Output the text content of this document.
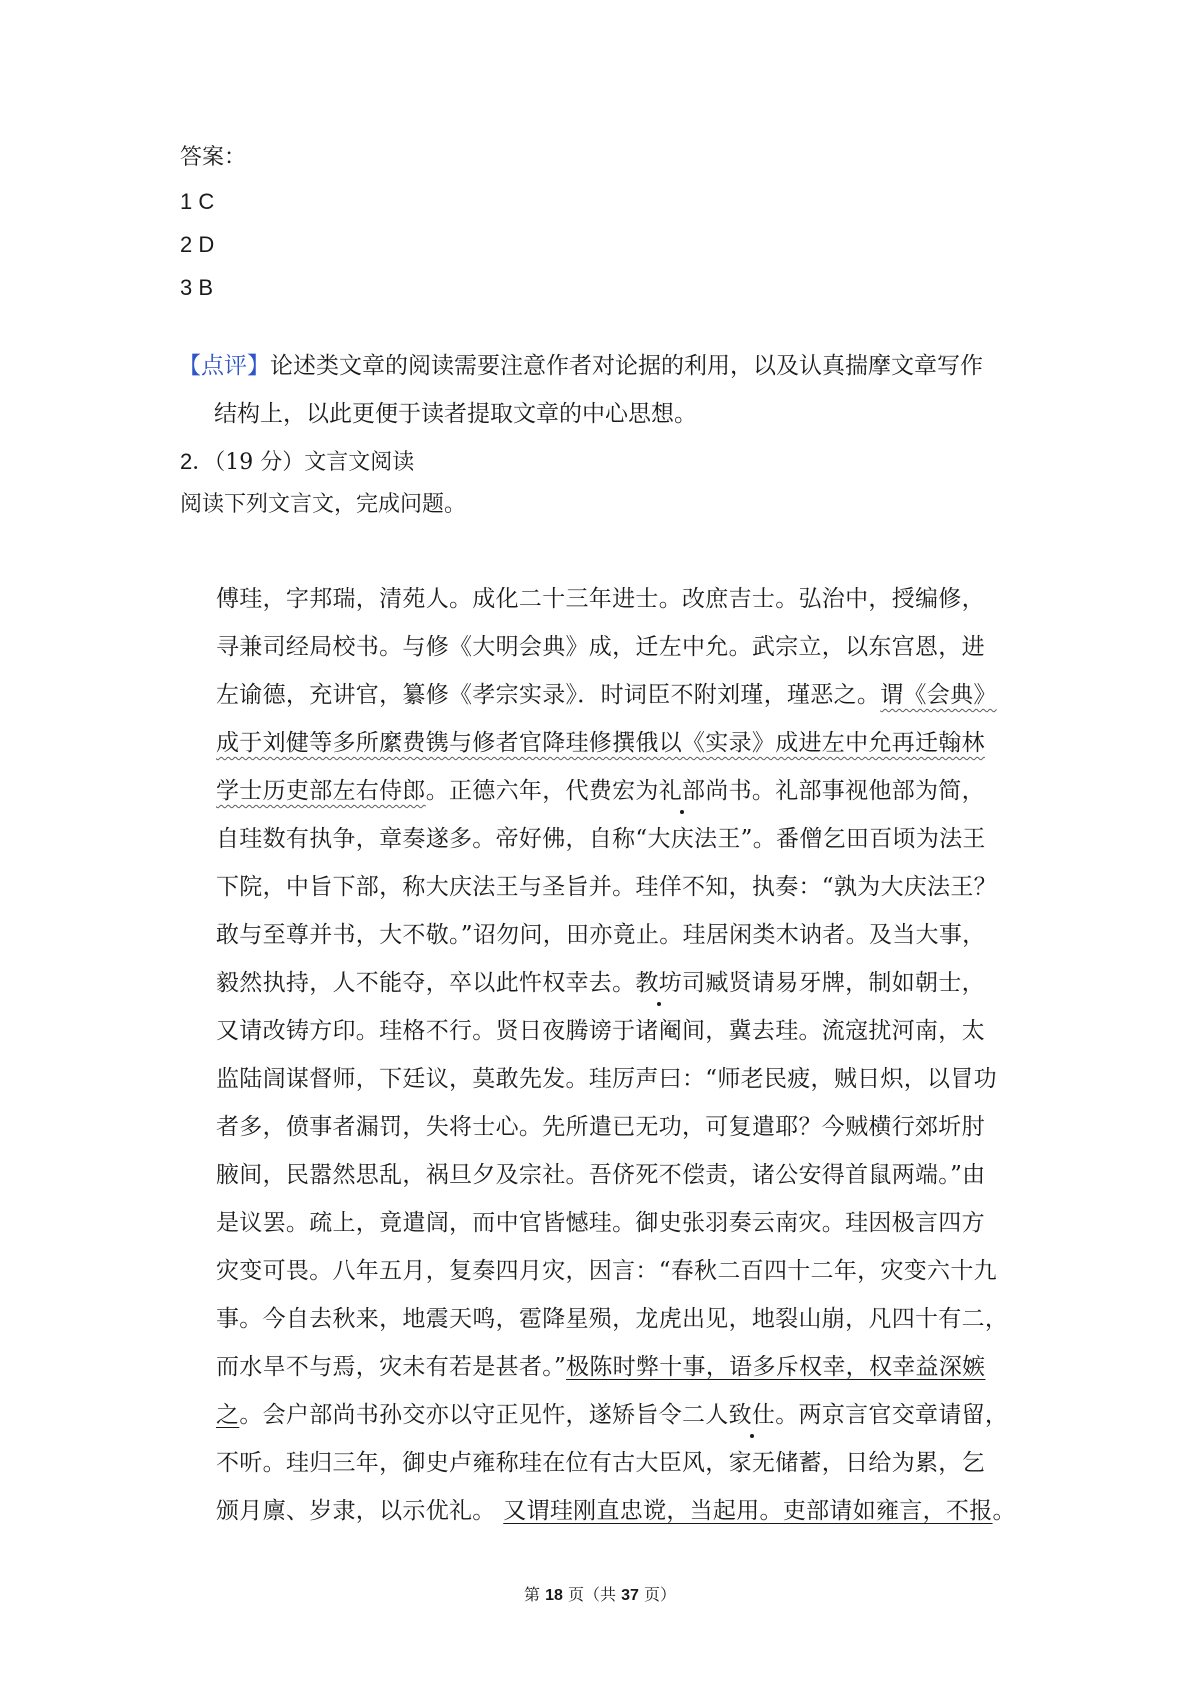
答案：
1 C
2 D
3 B
【点评】论述类文章的阅读需要注意作者对论据的利用，以及认真揣摩文章写作
结构上，以此更便于读者提取文章的中心思想。
2．（19 分）文言文阅读
阅读下列文言文，完成问题。
傅珪，字邦瑞，清苑人。成化二十三年进士。改庶吉士。弘治中，授编修，
寻兼司经局校书。与修《大明会典》成，迁左中允。武宗立，以东宫恩，进
左谕德，充讲官，纂修《孝宗实录》．时词臣不附刘瑾，瑾恶之。谓《会典》
成于刘健等多所縻费镌与修者官降珪修撰俄以《实录》成进左中允再迁翰林
学士历吏部左右侍郎。正德六年，代费宏为礼部尚书。礼部事视他部为简，
自珪数有执争，章奏遂多。帝好佛，自称“大庆法王”。番僧乞田百顷为法王
下院，中旨下部，称大庆法王与圣旨并。珪佯不知，执奏：“孰为大庆法王？
敢与至尊并书，大不敬。”诏勿问，田亦竟止。珪居闲类木讷者。及当大事，
毅然执持，人不能夺，卒以此忤权幸去。教坊司臧贤请易牙牌，制如朝士，
又请改铸方印。珪格不行。贤日夜腾谤于诸阉间，冀去珪。流寇扰河南，太
监陆訚谋督师，下廷议，莫敢先发。珪厉声曰：“师老民疲，贼日炽，以冒功
者多，偾事者漏罚，失将士心。先所遣已无功，可复遣耶？今贼横行郊圻肘
腋间，民嚣然思乱，祸旦夕及宗社。吾侪死不偿责，诸公安得首鼠两端。”由
是议罢。疏上，竟遣訚，而中官皆憾珪。御史张羽奏云南灾。珪因极言四方
灾变可畏。八年五月，复奏四月灾，因言：“春秋二百四十二年，灾变六十九
事。今自去秋来，地震天鸣，雹降星殒，龙虎出见，地裂山崩，凡四十有二，
而水旱不与焉，灾未有若是甚者。”极陈时弊十事，语多斥权幸，权幸益深嫉
之。会户部尚书孙交亦以守正见忤，遂矫旨令二人致仕。两京言官交章请留，
不听。珪归三年，御史卢雍称珪在位有古大臣风，家无储蓄，日给为累，乞
颁月廪、岁隶，以示优礼。 又谓珪刚直忠谠，当起用。吏部请如雍言，不报。
第 18 页（共 37 页）
